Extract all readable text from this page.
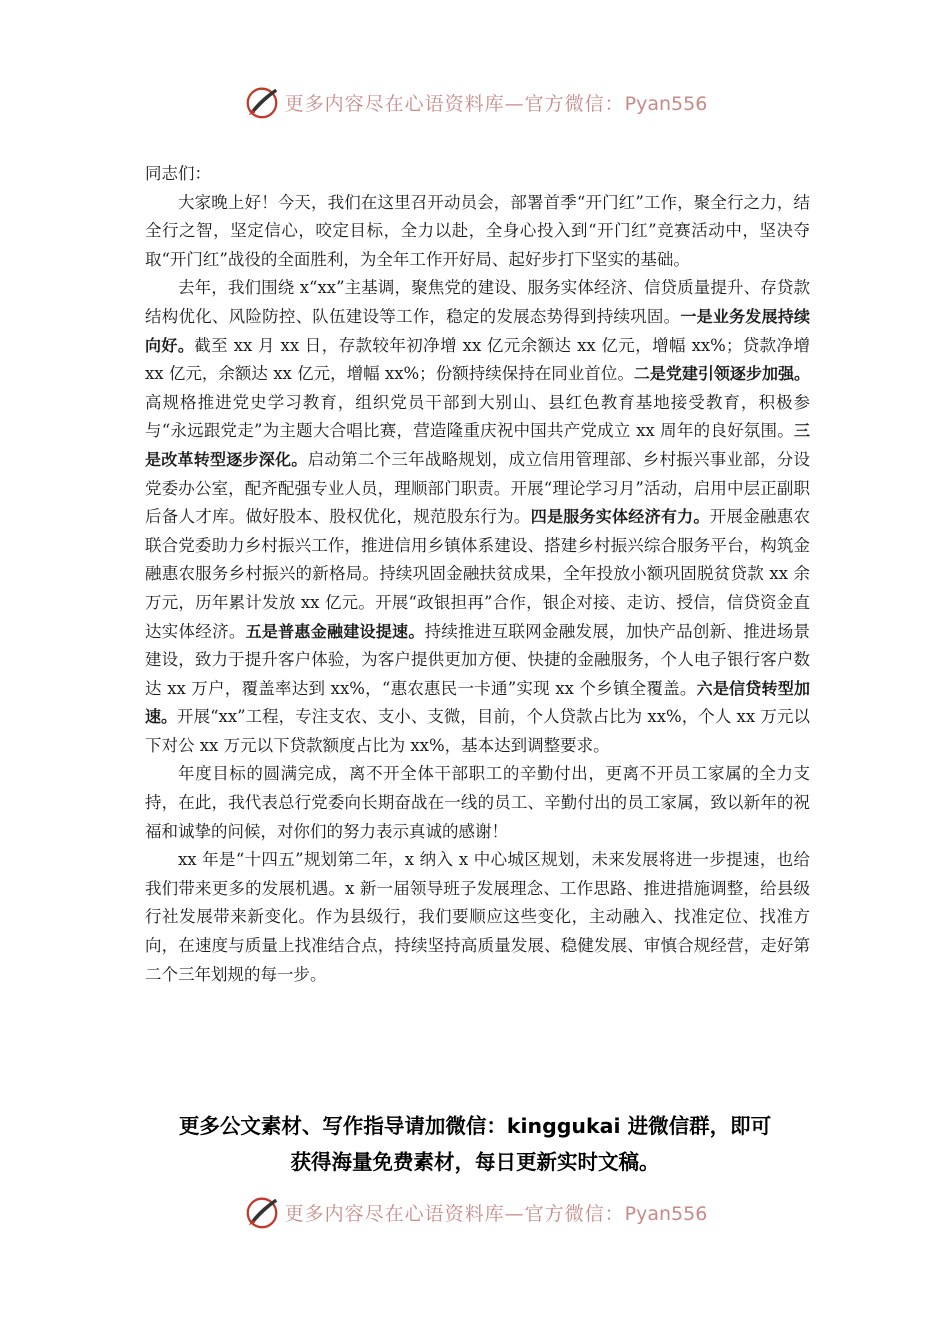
更多内容尽在心语资料库—官方微信：Pyan556

同志们：

大家晚上好！今天，我们在这里召开动员会，部署首季“开门红”工作，聚全行之力，结全行之智，坚定信心，咬定目标，全力以赴，全身心投入到“开门红”竞赛活动中，坚决夺取“开门红”战役的全面胜利，为全年工作开好局、起好步打下坚实的基础。

去年，我们围绕 x“xx”主基调，聚焦党的建设、服务实体经济、信贷质量提升、存贷款结构优化、风险防控、队伍建设等工作，稳定的发展态势得到持续巩固。一是业务发展持续向好。截至 xx 月 xx 日，存款较年初净增 xx 亿元余额达 xx 亿元，增幅 xx%；贷款净增 xx 亿元，余额达 xx 亿元，增幅 xx%；份额持续保持在同业首位。二是党建引领逐步加强。高规格推进党史学习教育，组织党员干部到大别山、县红色教育基地接受教育，积极参与“永远跟党走”为主题大合唱比赛，营造隆重庆祝中国共产党成立 xx 周年的良好氛围。三是改革转型逐步深化。启动第二个三年战略规划，成立信用管理部、乡村振兴事业部，分设党委办公室，配齐配强专业人员，理顺部门职责。开展“理论学习月”活动，启用中层正副职后备人才库。做好股本、股权优化，规范股东行为。四是服务实体经济有力。开展金融惠农联合党委助力乡村振兴工作，推进信用乡镇体系建设、搭建乡村振兴综合服务平台，构筑金融惠农服务乡村振兴的新格局。持续巩固金融扶贫成果，全年投放小额巩固脱贫贷款 xx 余万元，历年累计发放 xx 亿元。开展“政银担再”合作，银企对接、走访、授信，信贷资金直达实体经济。五是普惠金融建设提速。持续推进互联网金融发展，加快产品创新、推进场景建设，致力于提升客户体验，为客户提供更加方便、快捷的金融服务，个人电子银行客户数达 xx 万户，覆盖率达到 xx%，“惠农惠民一卡通”实现 xx 个乡镇全覆盖。六是信贷转型加速。开展“xx”工程，专注支农、支小、支微，目前，个人贷款占比为 xx%，个人 xx 万元以下对公 xx 万元以下贷款额度占比为 xx%，基本达到调整要求。

年度目标的圆满完成，离不开全体干部职工的辛勤付出，更离不开员工家属的全力支持，在此，我代表总行党委向长期奋战在一线的员工、辛勤付出的员工家属，致以新年的祝福和诚挚的问候，对你们的努力表示真诚的感谢！

xx 年是“十四五”规划第二年，x 纳入 x 中心城区规划，未来发展将进一步提速，也给我们带来更多的发展机遇。x 新一届领导班子发展理念、工作思路、推进措施调整，给县级行社发展带来新变化。作为县级行，我们要顺应这些变化，主动融入、找准定位、找准方向，在速度与质量上找准结合点，持续坚持高质量发展、稳健发展、审慎合规经营，走好第二个三年划规的每一步。

更多公文素材、写作指导请加微信：kinggukai 进微信群，即可
获得海量免费素材，每日更新实时文稿。
更多内容尽在心语资料库—官方微信：Pyan556
